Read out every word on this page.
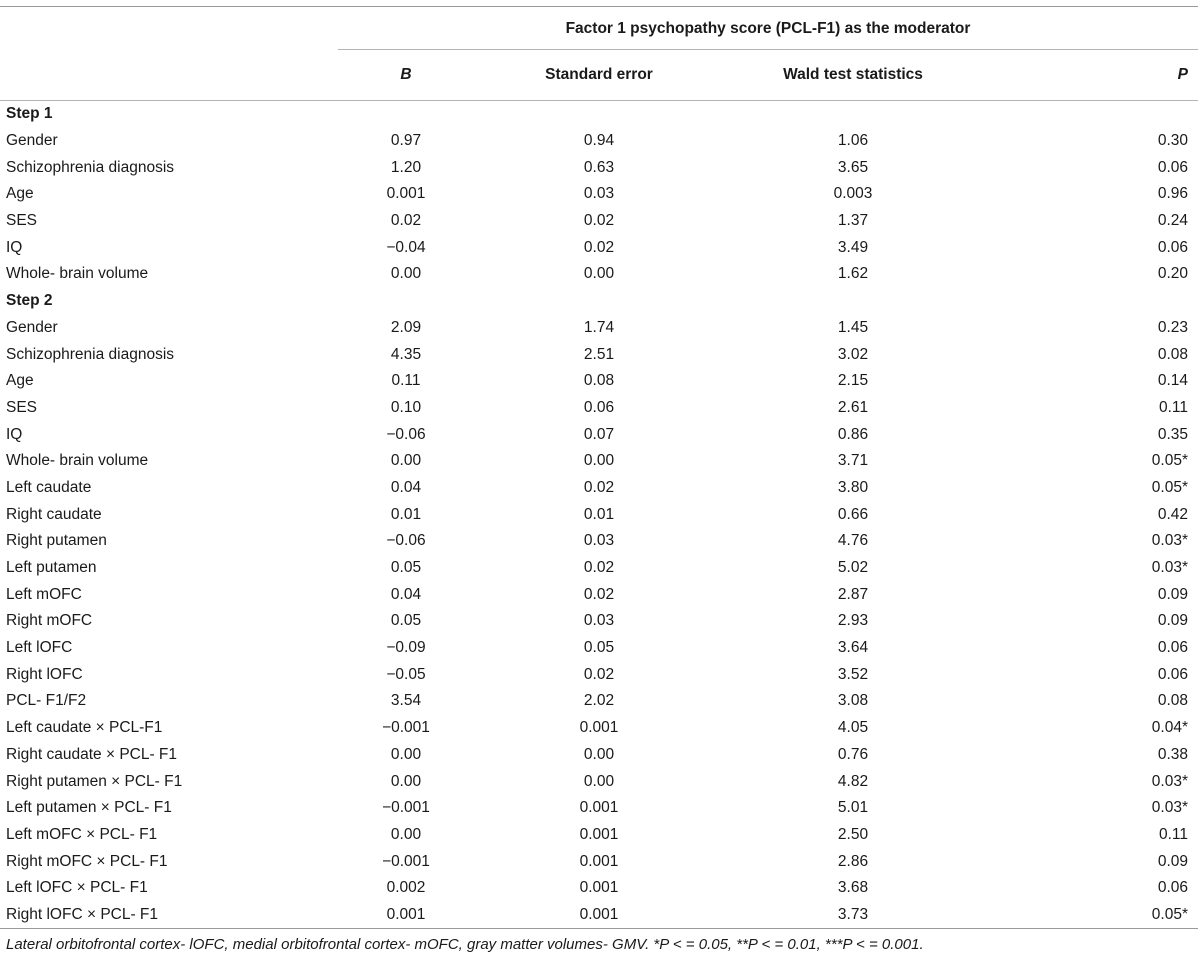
	Factor 1 psychopathy score (PCL-F1) as the moderator			
	B	Standard error	Wald test statistics	P
Step 1				
Gender	0.97	0.94	1.06	0.30
Schizophrenia diagnosis	1.20	0.63	3.65	0.06
Age	0.001	0.03	0.003	0.96
SES	0.02	0.02	1.37	0.24
IQ	−0.04	0.02	3.49	0.06
Whole- brain volume	0.00	0.00	1.62	0.20
Step 2				
Gender	2.09	1.74	1.45	0.23
Schizophrenia diagnosis	4.35	2.51	3.02	0.08
Age	0.11	0.08	2.15	0.14
SES	0.10	0.06	2.61	0.11
IQ	−0.06	0.07	0.86	0.35
Whole- brain volume	0.00	0.00	3.71	0.05*
Left caudate	0.04	0.02	3.80	0.05*
Right caudate	0.01	0.01	0.66	0.42
Right putamen	−0.06	0.03	4.76	0.03*
Left putamen	0.05	0.02	5.02	0.03*
Left mOFC	0.04	0.02	2.87	0.09
Right mOFC	0.05	0.03	2.93	0.09
Left lOFC	−0.09	0.05	3.64	0.06
Right lOFC	−0.05	0.02	3.52	0.06
PCL- F1/F2	3.54	2.02	3.08	0.08
Left caudate × PCL-F1	−0.001	0.001	4.05	0.04*
Right caudate × PCL- F1	0.00	0.00	0.76	0.38
Right putamen × PCL- F1	0.00	0.00	4.82	0.03*
Left putamen × PCL- F1	−0.001	0.001	5.01	0.03*
Left mOFC × PCL- F1	0.00	0.001	2.50	0.11
Right mOFC × PCL- F1	−0.001	0.001	2.86	0.09
Left lOFC × PCL- F1	0.002	0.001	3.68	0.06
Right lOFC × PCL- F1	0.001	0.001	3.73	0.05*
Lateral orbitofrontal cortex- lOFC, medial orbitofrontal cortex- mOFC, gray matter volumes- GMV. *P < = 0.05, **P < = 0.01, ***P < = 0.001.
